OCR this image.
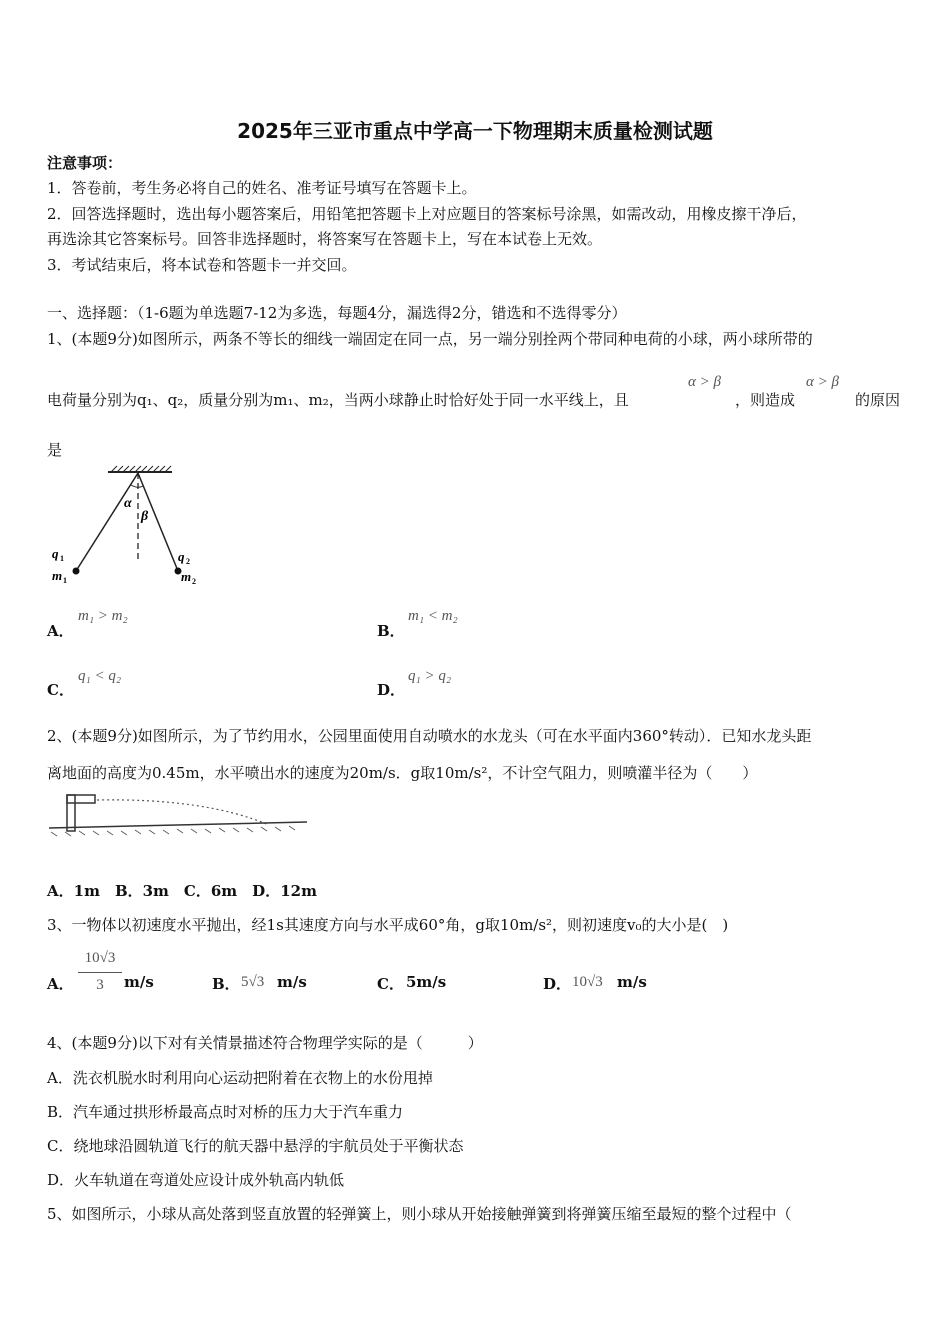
2025年三亚市重点中学高一下物理期末质量检测试题
注意事项：
1．答卷前，考生务必将自己的姓名、准考证号填写在答题卡上。
2．回答选择题时，选出每小题答案后，用铅笔把答题卡上对应题目的答案标号涂黑，如需改动，用橡皮擦干净后，
再选涂其它答案标号。回答非选择题时，将答案写在答题卡上，写在本试卷上无效。
3．考试结束后，将本试卷和答题卡一并交回。
一、选择题：（1-6题为单选题7-12为多选，每题4分，漏选得2分，错选和不选得零分）
1、(本题9分)如图所示，两条不等长的细线一端固定在同一点，另一端分别拴两个带同种电荷的小球，两小球所带的
电荷量分别为q₁、q₂，质量分别为m₁、m₂，当两小球静止时恰好处于同一水平线上，且
α > β
，则造成
α > β
的原因
是
α
β
q 1
m 1
q 2
m 2
A．
m₁ > m₂
B．
m₁ < m₂
C．
q₁ < q₂
D．
q₁ > q₂
2、(本题9分)如图所示，为了节约用水，公园里面使用自动喷水的水龙头（可在水平面内360°转动）．已知水龙头距
离地面的高度为0.45m，水平喷出水的速度为20m/s．g取10m/s²，不计空气阻力，则喷灌半径为（　　）
A．1m　B．3m　C．6m　D．12m
3、一物体以初速度水平抛出，经1s其速度方向与水平成60°角，g取10m/s²，则初速度v₀的大小是(　)
A．
10√3
3	m/s	B． 5√3 m/s	C． 5m/s	D． 10√3 m/s
4、(本题9分)以下对有关情景描述符合物理学实际的是（　　　）
A．洗衣机脱水时利用向心运动把附着在衣物上的水份甩掉
B．汽车通过拱形桥最高点时对桥的压力大于汽车重力
C．绕地球沿圆轨道飞行的航天器中悬浮的宇航员处于平衡状态
D．火车轨道在弯道处应设计成外轨高内轨低
5、如图所示，小球从高处落到竖直放置的轻弹簧上，则小球从开始接触弹簧到将弹簧压缩至最短的整个过程中（
